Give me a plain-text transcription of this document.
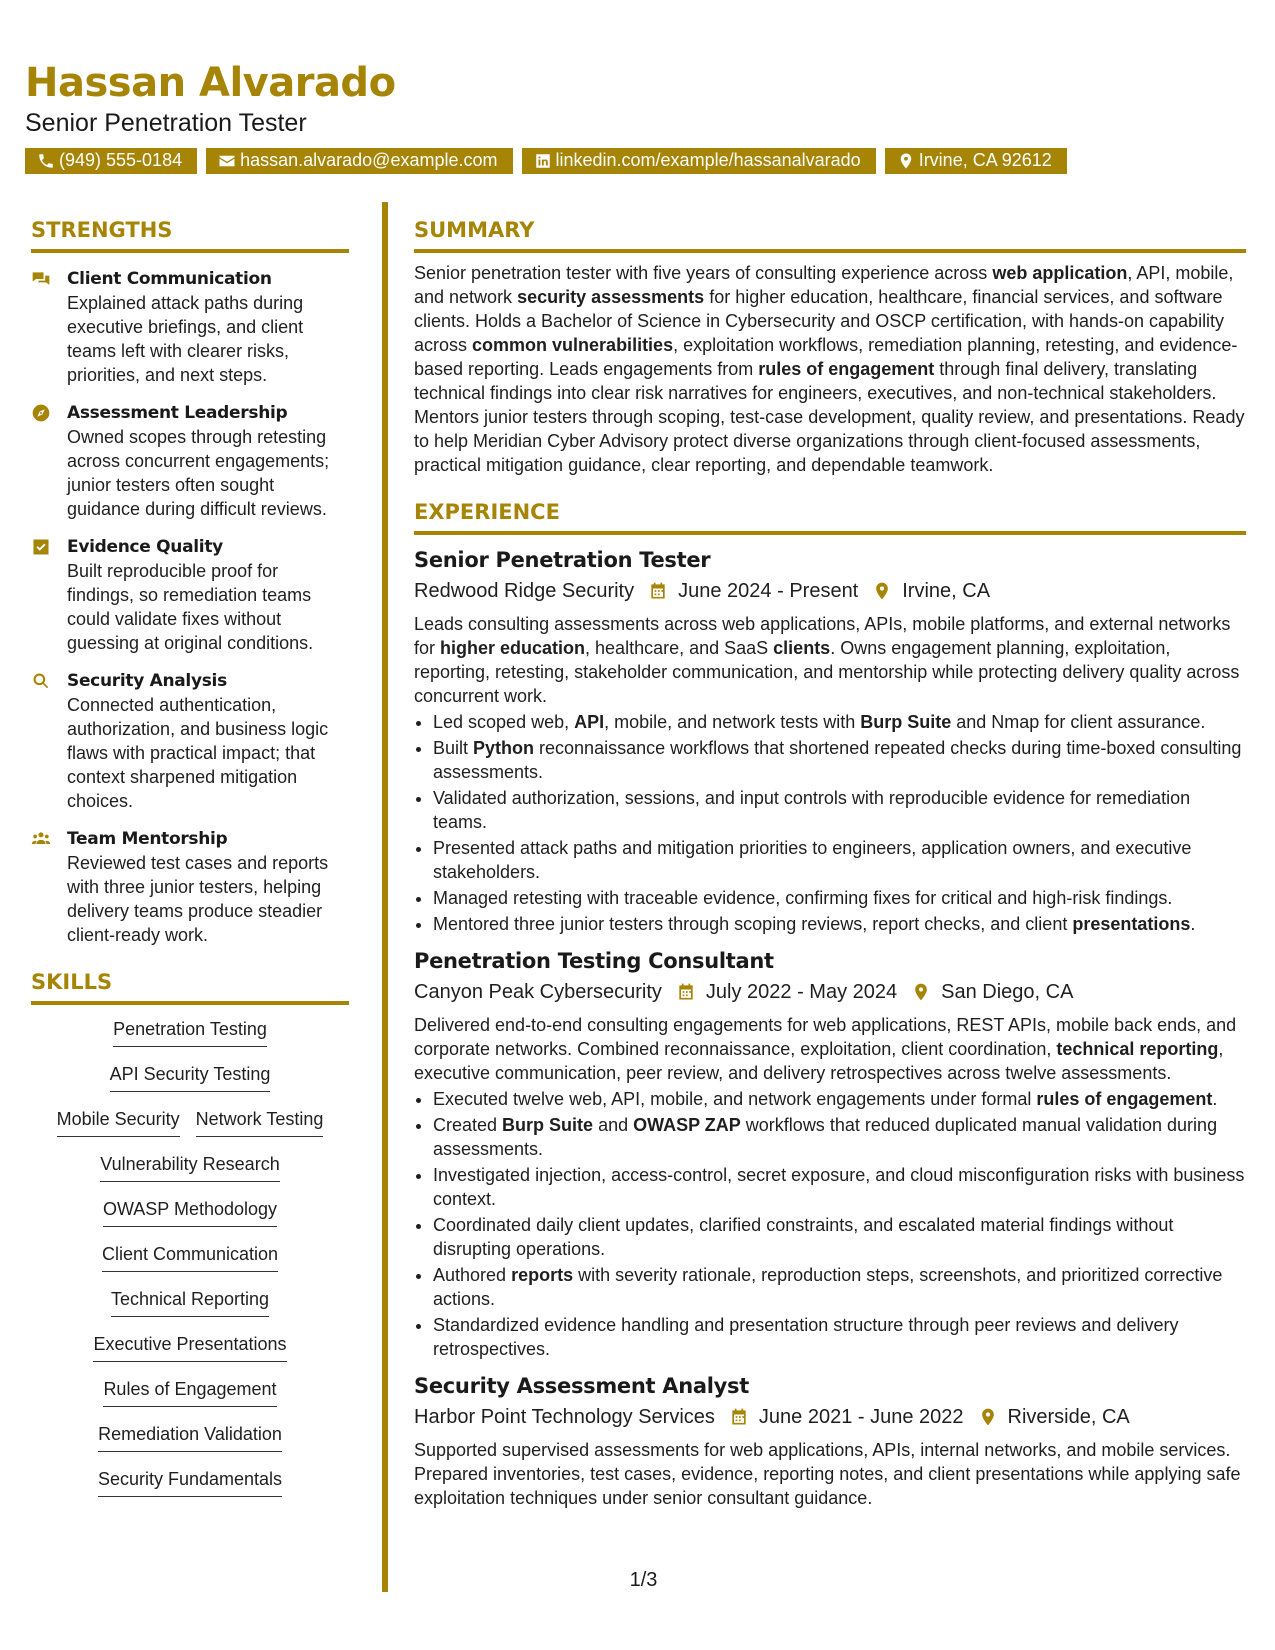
Hassan Alvarado
Senior Penetration Tester
(949) 555-0184	hassan.alvarado@example.com	linkedin.com/example/hassanalvarado	Irvine, CA 92612
STRENGTHS
Client Communication
Explained attack paths during executive briefings, and client teams left with clearer risks, priorities, and next steps.
Assessment Leadership
Owned scopes through retesting across concurrent engagements; junior testers often sought guidance during difficult reviews.
Evidence Quality
Built reproducible proof for findings, so remediation teams could validate fixes without guessing at original conditions.
Security Analysis
Connected authentication, authorization, and business logic flaws with practical impact; that context sharpened mitigation choices.
Team Mentorship
Reviewed test cases and reports with three junior testers, helping delivery teams produce steadier client-ready work.
SKILLS
Penetration Testing
API Security Testing
Mobile Security Network Testing
Vulnerability Research
OWASP Methodology
Client Communication
Technical Reporting
Executive Presentations
Rules of Engagement
Remediation Validation
Security Fundamentals
SUMMARY
Senior penetration tester with five years of consulting experience across web application, API, mobile, and network security assessments for higher education, healthcare, financial services, and software clients. Holds a Bachelor of Science in Cybersecurity and OSCP certification, with hands-on capability across common vulnerabilities, exploitation workflows, remediation planning, retesting, and evidence-based reporting. Leads engagements from rules of engagement through final delivery, translating technical findings into clear risk narratives for engineers, executives, and non-technical stakeholders. Mentors junior testers through scoping, test-case development, quality review, and presentations. Ready to help Meridian Cyber Advisory protect diverse organizations through client-focused assessments, practical mitigation guidance, clear reporting, and dependable teamwork.
EXPERIENCE
Senior Penetration Tester
Redwood Ridge Security June 2024 - Present Irvine, CA
Leads consulting assessments across web applications, APIs, mobile platforms, and external networks for higher education, healthcare, and SaaS clients. Owns engagement planning, exploitation, reporting, retesting, stakeholder communication, and mentorship while protecting delivery quality across concurrent work.
• Led scoped web, API, mobile, and network tests with Burp Suite and Nmap for client assurance.
• Built Python reconnaissance workflows that shortened repeated checks during time-boxed consulting assessments.
• Validated authorization, sessions, and input controls with reproducible evidence for remediation teams.
• Presented attack paths and mitigation priorities to engineers, application owners, and executive stakeholders.
• Managed retesting with traceable evidence, confirming fixes for critical and high-risk findings.
• Mentored three junior testers through scoping reviews, report checks, and client presentations.
Penetration Testing Consultant
Canyon Peak Cybersecurity July 2022 - May 2024 San Diego, CA
Delivered end-to-end consulting engagements for web applications, REST APIs, mobile back ends, and corporate networks. Combined reconnaissance, exploitation, client coordination, technical reporting, executive communication, peer review, and delivery retrospectives across twelve assessments.
• Executed twelve web, API, mobile, and network engagements under formal rules of engagement.
• Created Burp Suite and OWASP ZAP workflows that reduced duplicated manual validation during assessments.
• Investigated injection, access-control, secret exposure, and cloud misconfiguration risks with business context.
• Coordinated daily client updates, clarified constraints, and escalated material findings without disrupting operations.
• Authored reports with severity rationale, reproduction steps, screenshots, and prioritized corrective actions.
• Standardized evidence handling and presentation structure through peer reviews and delivery retrospectives.
Security Assessment Analyst
Harbor Point Technology Services June 2021 - June 2022 Riverside, CA
Supported supervised assessments for web applications, APIs, internal networks, and mobile services. Prepared inventories, test cases, evidence, reporting notes, and client presentations while applying safe exploitation techniques under senior consultant guidance.
1/3
